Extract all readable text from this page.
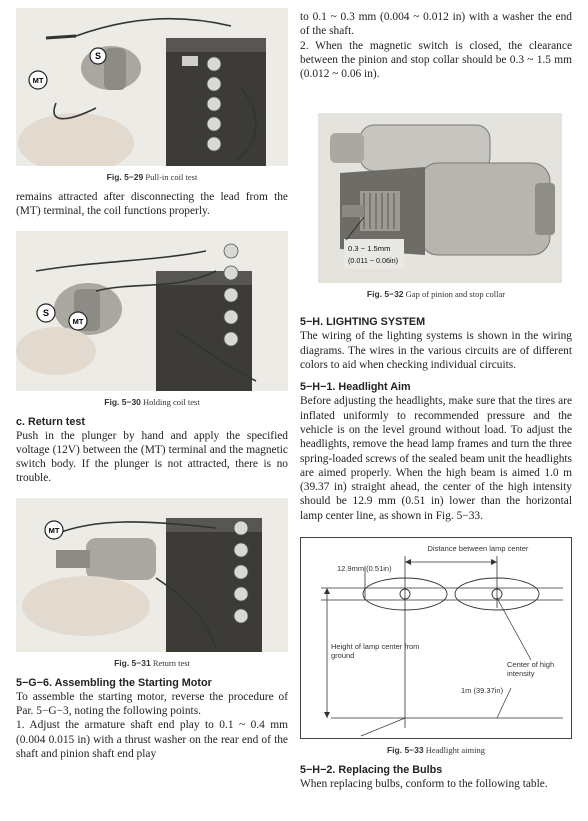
S
MT
Fig. 5−29 Pull-in coil test

remains attracted after disconnecting the lead from the (MT) terminal, the coil functions properly.

S
MT
Fig. 5−30 Holding coil test
c. Return test

Push in the plunger by hand and apply the specified voltage (12V) between the (MT) terminal and the magnetic switch body. If the plunger is not attracted, there is no trouble.

MT
Fig. 5−31 Return test
5−G−6. Assembling the Starting Motor

To assemble the starting motor, reverse the procedure of Par. 5−G−3, noting the following points.

1. Adjust the armature shaft end play to 0.1 ~ 0.4 mm (0.004 0.015 in) with a thrust washer on the rear end of the shaft and pinion shaft end play

to 0.1 ~ 0.3 mm (0.004 ~ 0.012 in) with a washer the end of the shaft.

2. When the magnetic switch is closed, the clearance between the pinion and stop collar should be 0.3 ~ 1.5 mm (0.012 ~ 0.06 in).

0.3 − 1.5mm
(0.011 − 0.06in)
Fig. 5−32 Gap of pinion and stop collar
5−H. LIGHTING SYSTEM

The wiring of the lighting systems is shown in the wiring diagrams. The wires in the various circuits are of different colors to aid when checking individual circuits.

5−H−1. Headlight Aim

Before adjusting the headlights, make sure that the tires are inflated uniformly to recommended pressure and the vehicle is on the level ground without load. To adjust the headlights, remove the head lamp frames and turn the three spring-loaded screws of the sealed beam unit the headlights are aimed properly. When the high beam is aimed 1.0 m (39.37 in) straight ahead, the center of the high intensity should be 12.9 mm (0.51 in) lower than the horizontal lamp center line, as shown in Fig. 5−33.

Distance between lamp center
12.9mm (0.51in)
Height of lamp center from ground
Center of high intensity
1m (39.37in)
Fig. 5−33 Headlight aiming
5−H−2. Replacing the Bulbs

When replacing bulbs, conform to the following table.
